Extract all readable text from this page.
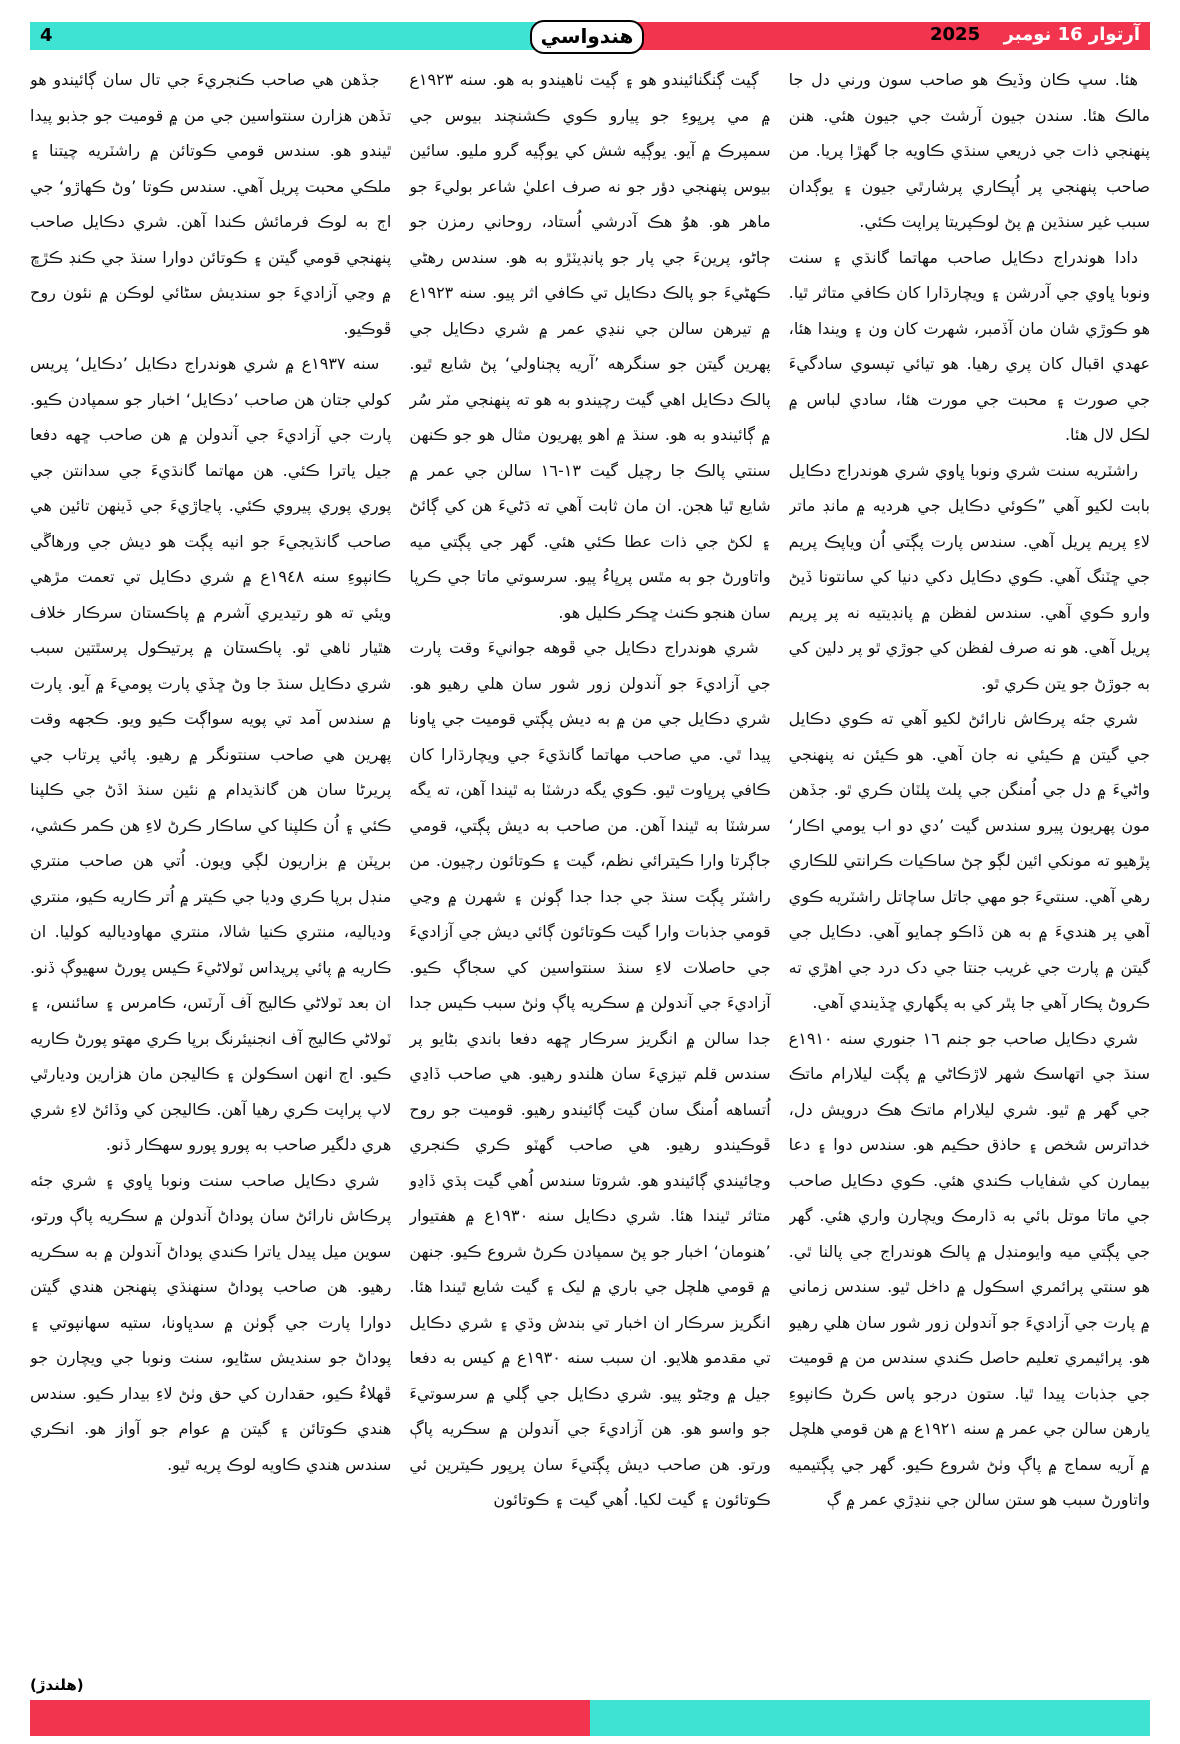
4	هندواسي	2025 آرتوار 16 نومبر

هئا. سڀ ڪان وڏيڪ هو صاحب سون ورني دل جا مالڪ هئا. سندن جيون آرشٽ جي جيون هئي. هنن پنهنجي ذات جي ذريعي سنڌي ڪاويه جا گهڙا پريا. من صاحب پنهنجي پر اُپڪاري پرشارٿي جيون ۽ يوڳدان سبب غير سنڌين ۾ پڻ لوڪپريتا پراپت ڪئي.

دادا هوندراج دڪايل صاحب مهاتما گانڌي ۽ سنت ونوبا ڀاوي جي آدرشن ۽ ويچارڌارا کان ڪافي متاثر ٿيا. هو ڪوڙي شان مان آڏمبر، شهرت کان ون ۽ ويندا هئا، عهدي اقبال کان پري رهيا. هو تيائي تپسوي سادگيءَ جي صورت ۽ محبت جي مورت هئا، سادي لباس ۾ لڪل لال هئا.

راشٽريه سنت شري ونوبا ڀاوي شري هوندراج دڪايل بابت لکيو آهي ”ڪوئي دڪايل جي هرديه ۾ مانڊ ماتر لاءِ پريم پريل آهي. سندس پارت پڳتي اُن وياپڪ پريم جي ڇٽنگ آهي. ڪوي دڪايل دکي دنيا کي سانتونا ڏيڻ وارو ڪوي آهي. سندس لفظن ۾ پانڊيتيه نه پر پريم پريل آهي. هو نه صرف لفظن کي جوڙي ٿو پر دلين کي به جوڙڻ جو يتن ڪري ٿو.

شري جئه پرڪاش نارائڻ لکيو آهي ته ڪوي دڪايل جي گيتن ۾ ڪيئي نه جان آهي. هو ڪيئن نه پنهنجي واڻيءَ ۾ دل جي اُمنگن جي پلٽ پلٽان ڪري ٿو. جڏهن مون پهريون پيرو سندس گيت ’دي دو اب يومي اڪار‘ پڙهيو ته مونکي ائين لڳو ڄڻ ساڪيات ڪرانتي للڪاري رهي آهي. سنتيءَ جو مهي جاتل ساچاتل راشٽريه ڪوي آهي پر هنديءَ ۾ به هن ڏاڪو ڄمايو آهي. دڪايل جي گيتن ۾ پارت جي غريب جنتا جي دک درد جي اهڙي ته ڪروڻ پڪار آهي جا پٿر کي به پگهاري ڇڏيندي آهي.

شري دڪايل صاحب جو جنم ١٦ جنوري سنه ١٩١٠ع سنڌ جي اتهاسڪ شهر لاڙڪاڻي ۾ پڳت ليلارام ماتڪ جي گهر ۾ ٿيو. شري ليلارام ماتڪ هڪ درويش دل، خداترس شخص ۽ حاذق حڪيم هو. سندس دوا ۽ دعا بيمارن کي شفاياب ڪندي هئي. ڪوي دڪايل صاحب جي ماتا موتل بائي به ڌارمڪ ويچارن واري هئي. گهر جي پڳتي ميه وايومنڊل ۾ پالڪ هوندراج جي پالنا ٿي. هو سنتي پرائمري اسڪول ۾ داخل ٿيو. سندس زماني ۾ پارت جي آزاديءَ جو آندولن زور شور سان هلي رهيو هو. پرائيمري تعليم حاصل ڪندي سندس من ۾ قوميت جي جذبات پيدا ٿيا. ستون درجو پاس ڪرڻ ڪانپوءِ يارهن سالن جي عمر ۾ سنه ١٩٢١ع ۾ هن قومي هلچل ۾ آريه سماج ۾ پاڳ وٺڻ شروع ڪيو. گهر جي پڳتيميه واتاورڻ سبب هو ستن سالن جي ننڍڙي عمر ۾ ڳ

ڳيت ڳنگنائيندو هو ۽ ڳيت ٺاهيندو به هو. سنه ١٩٢٣ع ۾ مي پرڀوءِ جو پيارو ڪوي ڪشنچند بيوس جي سمپرڪ ۾ آيو. يوڳيه شش کي يوڳيه گرو مليو. سائين بيوس پنهنجي دؤر جو نه صرف اعليٰ شاعر بوليءَ جو ماهر هو. هوُ هڪ آدرشي اُستاد، روحاني رمزن جو ڄاڻو، پرينءَ جي پار جو پانڊيٽڙو به هو. سندس رهڻي ڪهڻيءَ جو پالڪ دڪايل تي ڪافي اثر پيو. سنه ١٩٢٣ع ۾ تيرهن سالن جي ننڍي عمر ۾ شري دڪايل جي پهرين گيتن جو سنگرهه ’آريه پڄناولي‘ پڻ شايع ٿيو. پالڪ دڪايل اهي گيت رچيندو به هو ته پنهنجي مٽر سُر ۾ ڳائيندو به هو. سنڌ ۾ اهو پهريون مثال هو جو ڪنهن سنتي پالڪ جا رچيل گيت ١٣-١٦ سالن جي عمر ۾ شايع ٿيا هجن. ان مان ثابت آهي ته ڌڻيءَ هن کي ڳائڻ ۽ لکڻ جي ذات عطا ڪئي هئي. گهر جي پڳتي ميه واتاورڻ جو به مٿس پرڀاءُ پيو. سرسوتي ماتا جي ڪرپا سان هنجو ڪنٺ ڇڪر ڪليل هو.

شري هوندراج دڪايل جي ڦوهه جوانيءَ وقت پارت جي آزاديءَ جو آندولن زور شور سان هلي رهيو هو. شري دڪايل جي من ۾ به ديش پڳتي قوميت جي ڀاونا پيدا ٿي. مي صاحب مهاتما گانڌيءَ جي ويچارڌارا کان ڪافي پرڀاوت ٿيو. ڪوي يگه درشٽا به ٿيندا آهن، ته يگه سرشٽا به ٿيندا آهن. من صاحب به ديش پڳتي، قومي جاڳرتا وارا ڪيترائي نظم، گيت ۽ ڪوتائون رچيون. من راشٽر پڳت سنڌ جي جدا جدا ڳوٺن ۽ شهرن ۾ وڃي قومي جذبات وارا گيت ڪوتائون ڳائي ديش جي آزاديءَ جي حاصلات لاءِ سنڌ سنتواسين کي سجاڳ ڪيو. آزاديءَ جي آندولن ۾ سڪريه پاڳ وٺڻ سبب ڪيس جدا جدا سالن ۾ انگريز سرڪار ڇهه دفعا باندي بڻايو پر سندس قلم تيزيءَ سان هلندو رهيو. هي صاحب ڏاڍي اُتساهه اُمنگ سان گيت ڳائيندو رهيو. قوميت جو روح ڦوڪيندو رهيو. هي صاحب گهٽو ڪري ڪنجري وڃائيندي ڳائيندو هو. شروتا سندس اُهي گيت ٻڌي ڏاڍو متاثر ٿيندا هئا. شري دڪايل سنه ١٩٣٠ع ۾ هفتيوار ’هنومان‘ اخبار جو پڻ سمپادن ڪرڻ شروع ڪيو. جنهن ۾ قومي هلچل جي باري ۾ ليک ۽ گيت شايع ٿيندا هئا. انگريز سرڪار ان اخبار تي بندش وڌي ۽ شري دڪايل تي مقدمو هلايو. ان سبب سنه ١٩٣٠ع ۾ کيس به دفعا جيل ۾ وڃڻو پيو. شري دڪايل جي ڳلي ۾ سرسوتيءَ جو واسو هو. هن آزاديءَ جي آندولن ۾ سڪريه پاڳ ورتو. هن صاحب ديش پڳتيءَ سان پرپور ڪيترين ئي ڪوتائون ۽ گيت لکيا. اُهي گيت ۽ ڪوتائون

جڏهن هي صاحب ڪنجريءَ جي تال سان ڳائيندو هو تڏهن هزارن سنتواسين جي من ۾ قوميت جو جذبو پيدا ٿيندو هو. سندس قومي ڪوتائن ۾ راشٽريه چيتنا ۽ ملڪي محبت پريل آهي. سندس ڪوتا ’وڻ ڪهاڙو‘ جي اڄ به لوڪ فرمائش ڪندا آهن. شري دڪايل صاحب پنهنجي قومي گيتن ۽ ڪوتائن دوارا سنڌ جي ڪنڊ ڪڙڇ ۾ وڃي آزاديءَ جو سنديش سڻائي لوڪن ۾ نئون روح ڦوڪيو.

سنه ١٩٣٧ع ۾ شري هوندراج دڪايل ’دڪايل‘ پريس کولي جتان هن صاحب ’دڪايل‘ اخبار جو سمپادن ڪيو. پارت جي آزاديءَ جي آندولن ۾ هن صاحب ڇهه دفعا جيل ياترا ڪئي. هن مهاتما گانڌيءَ جي سدانتن جي پوري پوري پيروي ڪئي. پاڃاڙيءَ جي ڏينهن تائين هي صاحب گانڌيجيءَ جو انيه پڳت هو ديش جي ورهاڱي ڪانپوءِ سنه ١٩٤٨ع ۾ شري دڪايل تي تعمت مڙهي ويئي ته هو رتيديري آشرم ۾ پاڪستان سرڪار خلاف هٿيار ٺاهي ٿو. پاڪستان ۾ پرتيڪول پرسٿتين سبب شري دڪايل سنڌ جا وڻ ڇڏي پارت پوميءَ ۾ آيو. پارت ۾ سندس آمد تي پويه سواڳت ڪيو ويو. ڪجهه وقت پهرين هي صاحب سنتونگر ۾ رهيو. پائي پرتاب جي پريرڻا سان هن گانڌيدام ۾ نئين سنڌ اڏڻ جي ڪلپنا ڪئي ۽ اُن ڪلپنا کي ساڪار ڪرڻ لاءِ هن ڪمر ڪشي، برپٽن ۾ بزاريون لڳي ويون. اُتي هن صاحب منتري منڊل برپا ڪري وديا جي ڪيتر ۾ اُتر ڪاريه ڪيو، منتري ودياليه، منتري ڪنيا شالا، منتري مهاودياليه کوليا. ان ڪاريه ۾ پائي پرپداس ٽولاڻيءَ ڪيس پورڻ سهيوڳ ڏنو. ان بعد ٽولاڻي ڪاليج آف آرٽس، ڪامرس ۽ سائنس، ۽ ٽولاڻي ڪاليج آف انجنيئرنگ برپا ڪري مهتو پورڻ ڪاريه ڪيو. اڄ انهن اسڪولن ۽ ڪاليجن مان هزارين وديارٿي لاپ پراپت ڪري رهيا آهن. ڪاليجن کي وڏائڻ لاءِ شري هري دلگير صاحب به پورو پورو سهڪار ڏنو.

شري دڪايل صاحب سنت ونوبا ڀاوي ۽ شري جئه پرڪاش نارائڻ سان پوداڻ آندولن ۾ سڪريه پاڳ ورتو، سوين ميل پيدل ياترا ڪندي پوداڻ آندولن ۾ به سڪريه رهيو. هن صاحب پوداڻ سنهنڌي پنهنجن هندي گيتن دوارا پارت جي ڳوٺن ۾ سدڀاونا، ستيه سهانپوتي ۽ پوداڻ جو سنديش سڻايو، سنت ونوبا جي ويچارن جو ڦهلاءُ ڪيو، حقدارن کي حق وٺڻ لاءِ بيدار ڪيو. سندس هندي ڪوتائن ۽ گيتن ۾ عوام جو آواز هو. انڪري سندس هندي ڪاويه لوڪ پريه ٿيو.

(هلندڙ)
